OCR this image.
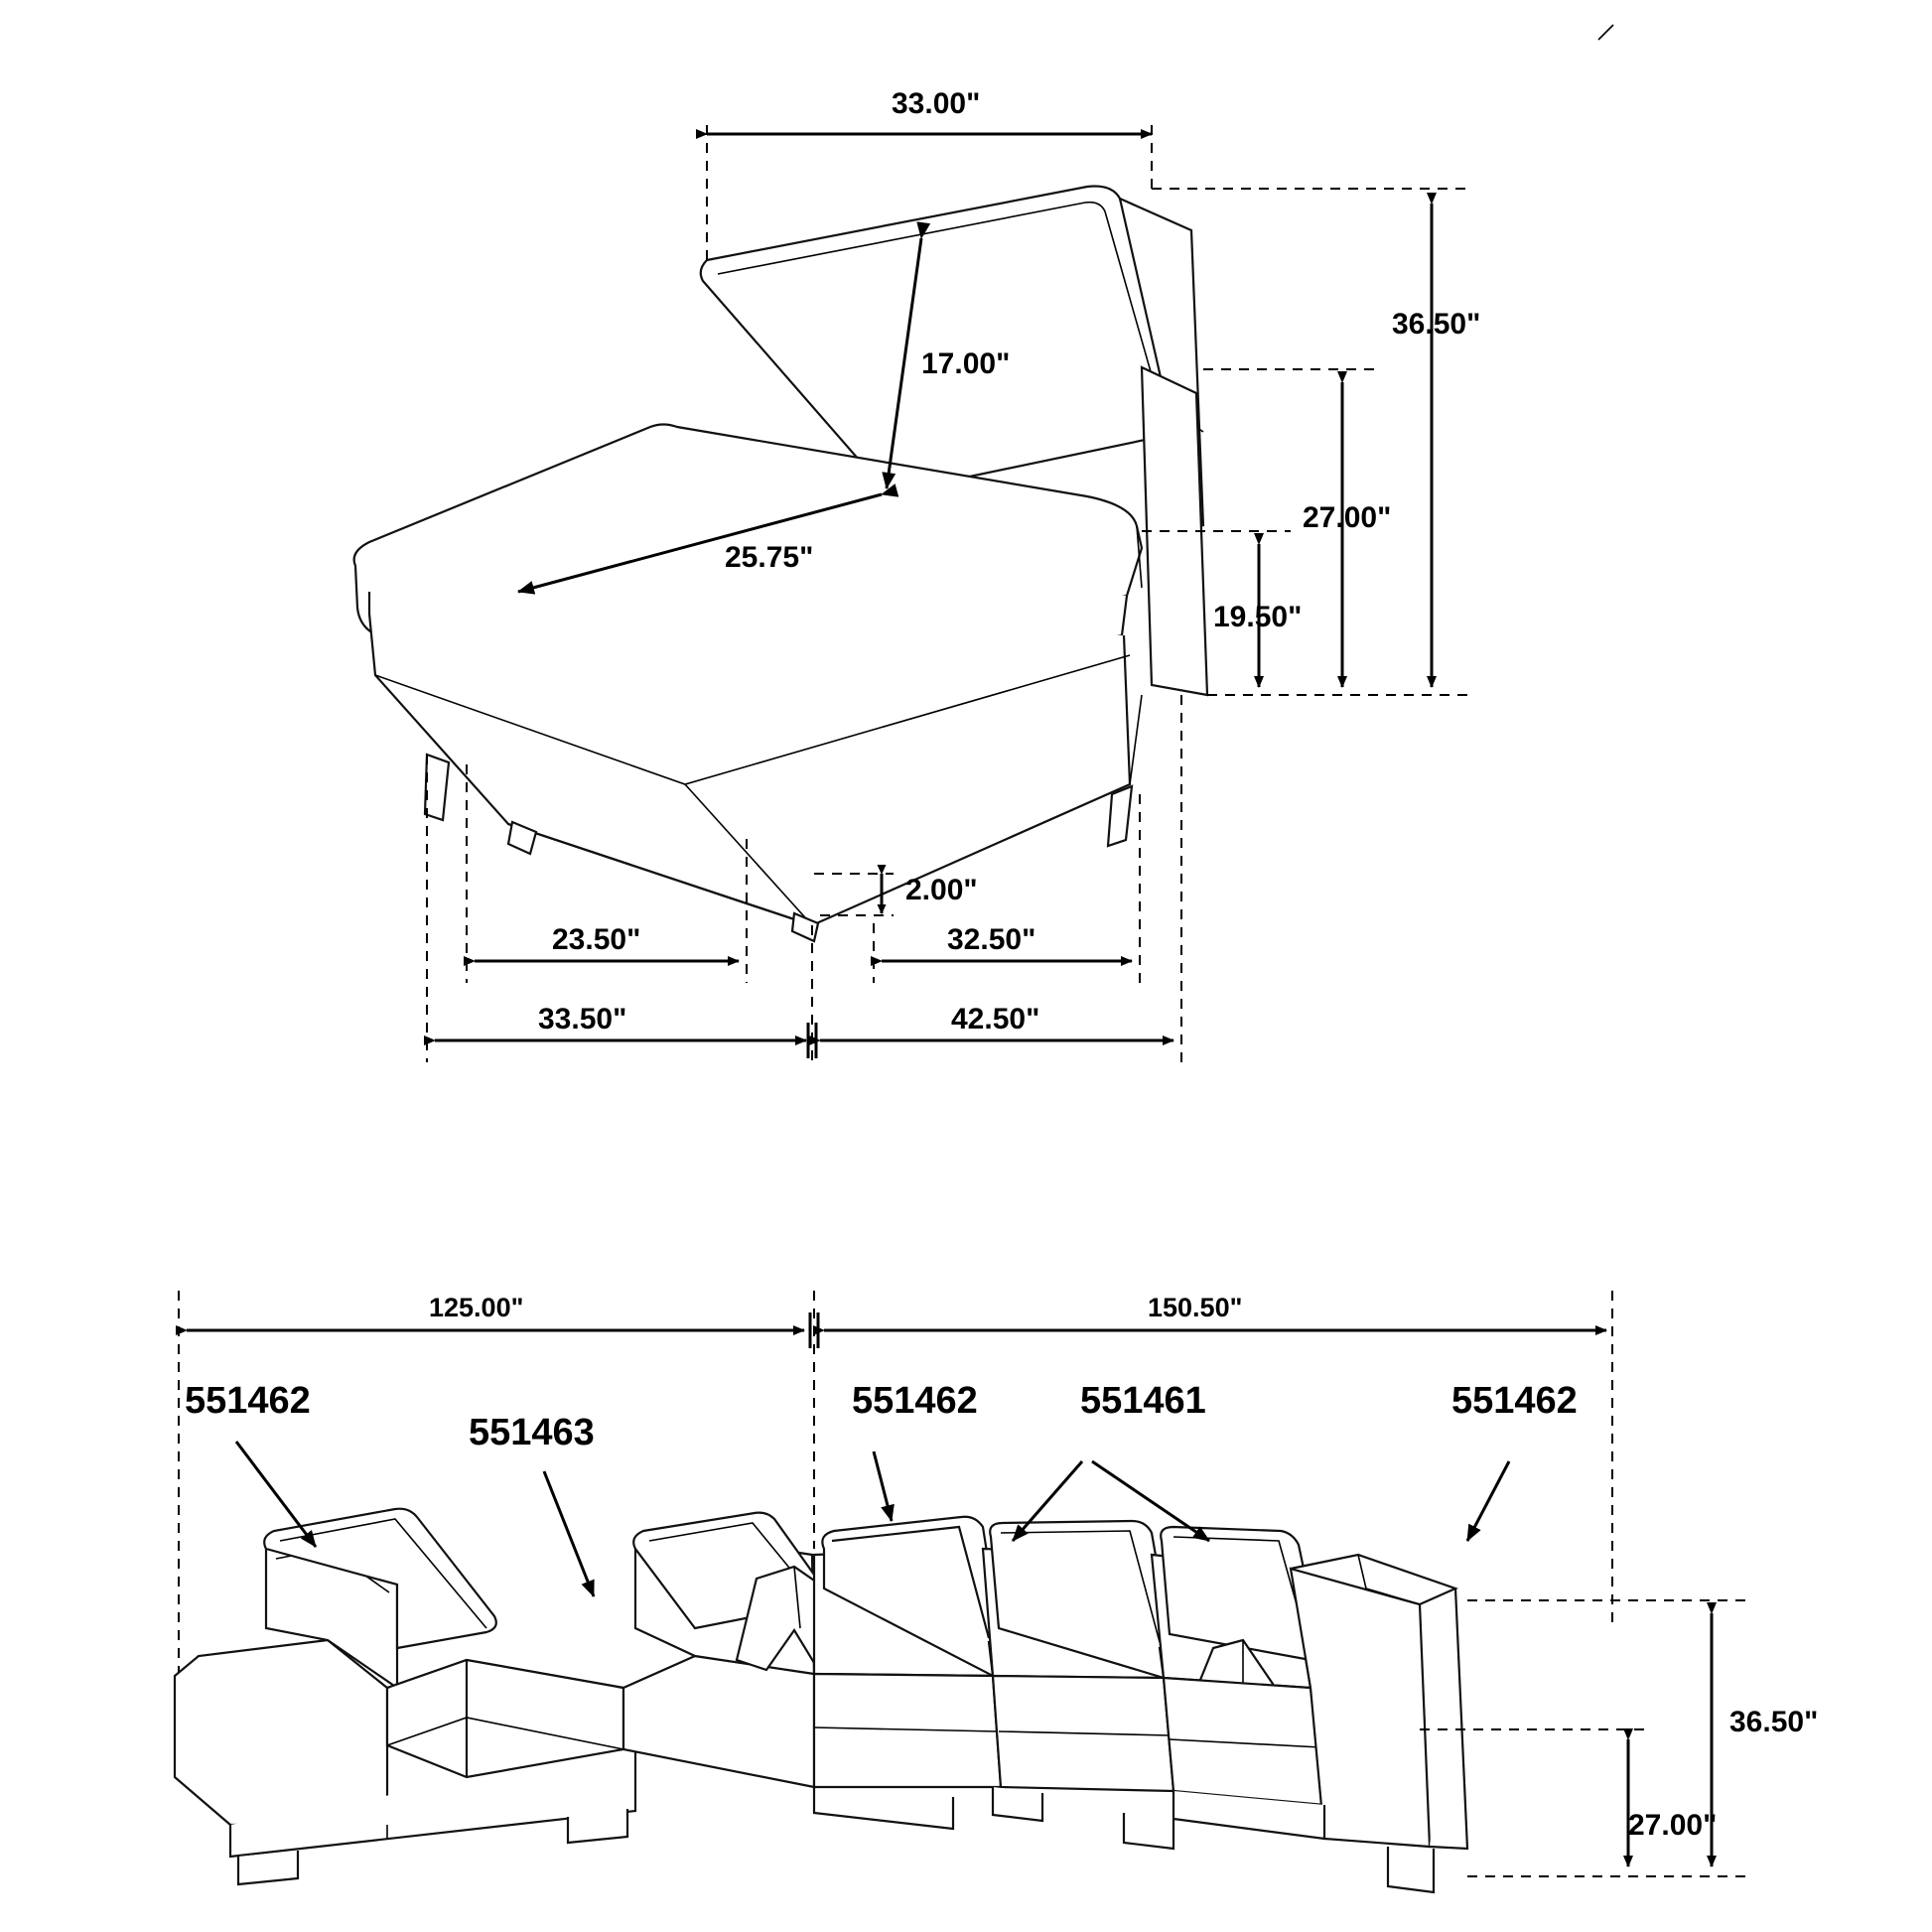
33.00"
17.00"
25.75"
36.50"
27.00"
19.50"
2.00"
23.50"	32.50"
33.50"	42.50"
125.00"	150.50"
36.50"
27.00"
551462
551463
551462	551461	551462
